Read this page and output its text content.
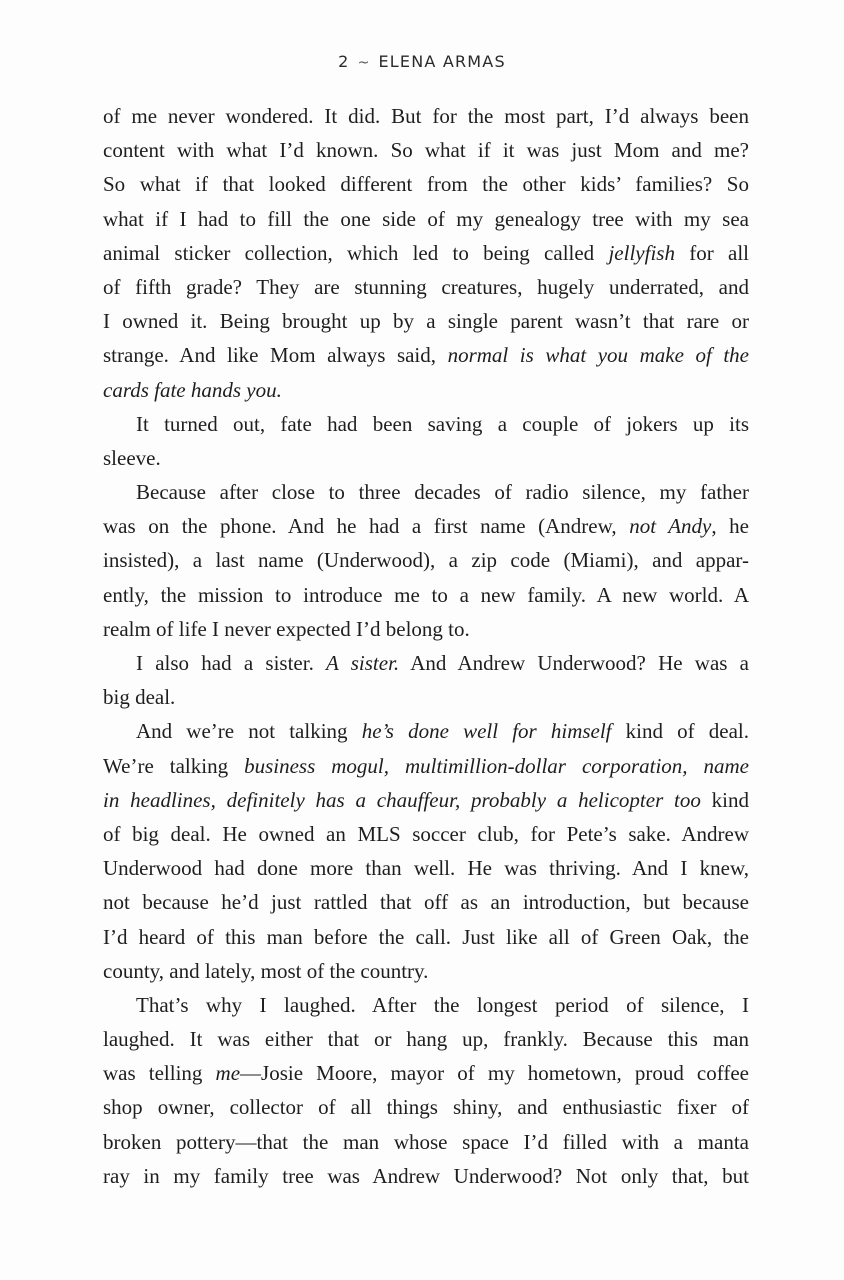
2 ~ ELENA ARMAS
of me never wondered. It did. But for the most part, I’d always been
content with what I’d known. So what if it was just Mom and me?
So what if that looked different from the other kids’ families? So
what if I had to fill the one side of my genealogy tree with my sea
animal sticker collection, which led to being called jellyfish for all
of fifth grade? They are stunning creatures, hugely underrated, and
I owned it. Being brought up by a single parent wasn’t that rare or
strange. And like Mom always said, normal is what you make of the
cards fate hands you.
It turned out, fate had been saving a couple of jokers up its
sleeve.
Because after close to three decades of radio silence, my father
was on the phone. And he had a first name (Andrew, not Andy, he
insisted), a last name (Underwood), a zip code (Miami), and appar-
ently, the mission to introduce me to a new family. A new world. A
realm of life I never expected I’d belong to.
I also had a sister. A sister. And Andrew Underwood? He was a
big deal.
And we’re not talking he’s done well for himself kind of deal.
We’re talking business mogul, multimillion-dollar corporation, name
in headlines, definitely has a chauffeur, probably a helicopter too kind
of big deal. He owned an MLS soccer club, for Pete’s sake. Andrew
Underwood had done more than well. He was thriving. And I knew,
not because he’d just rattled that off as an introduction, but because
I’d heard of this man before the call. Just like all of Green Oak, the
county, and lately, most of the country.
That’s why I laughed. After the longest period of silence, I
laughed. It was either that or hang up, frankly. Because this man
was telling me—Josie Moore, mayor of my hometown, proud coffee
shop owner, collector of all things shiny, and enthusiastic fixer of
broken pottery—that the man whose space I’d filled with a manta
ray in my family tree was Andrew Underwood? Not only that, but
